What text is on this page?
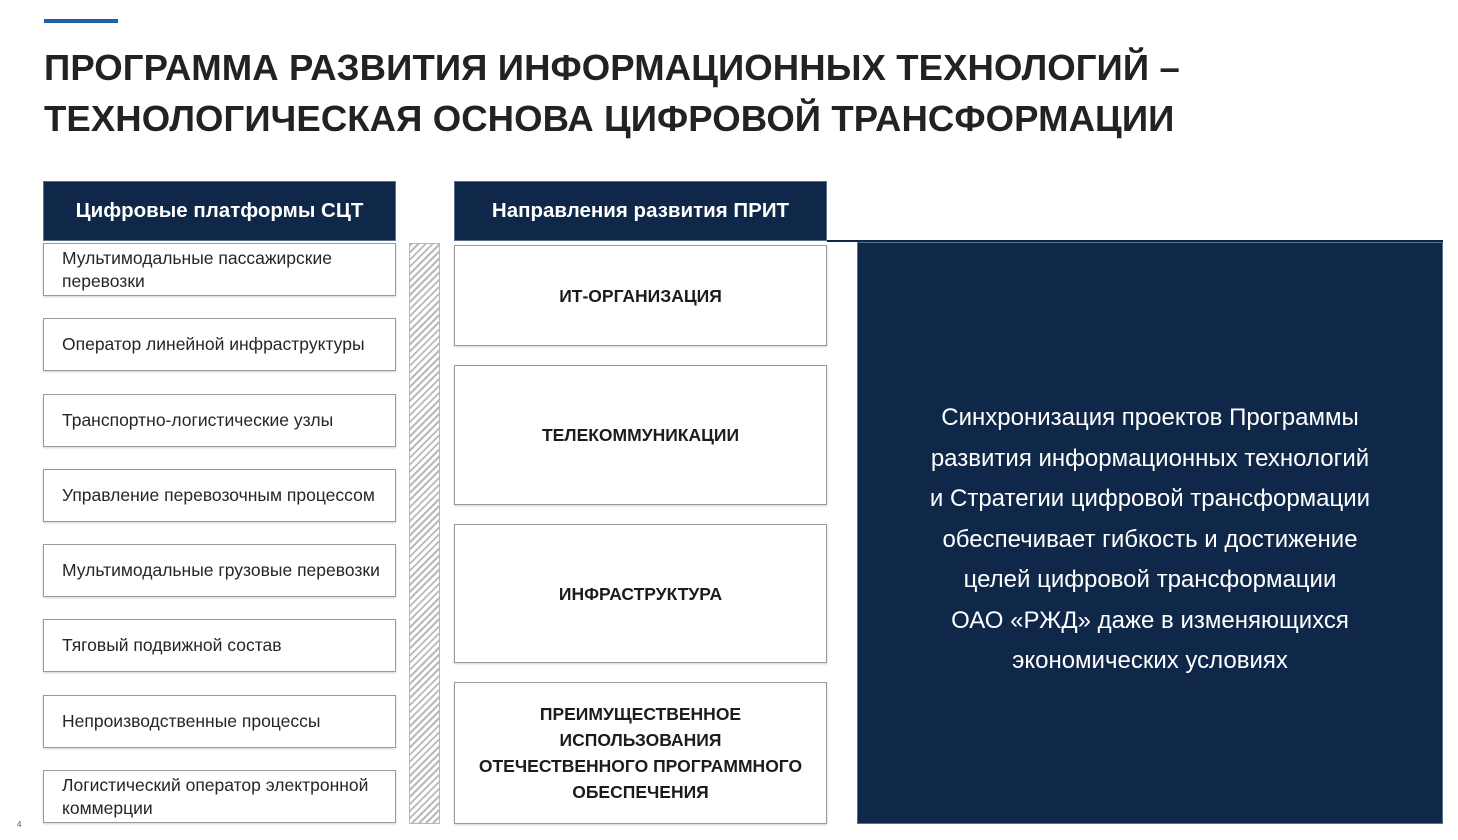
ПРОГРАММА РАЗВИТИЯ ИНФОРМАЦИОННЫХ ТЕХНОЛОГИЙ –
ТЕХНОЛОГИЧЕСКАЯ ОСНОВА ЦИФРОВОЙ ТРАНСФОРМАЦИИ
Цифровые платформы СЦТ	Направления развития ПРИТ
Мультимодальные пассажирские перевозки
Оператор линейной инфраструктуры
Транспортно-логистические узлы
Управление перевозочным процессом
Мультимодальные грузовые перевозки
Тяговый подвижной состав
Непроизводственные процессы
Логистический оператор электронной коммерции
ИТ-ОРГАНИЗАЦИЯ
ТЕЛЕКОММУНИКАЦИИ
ИНФРАСТРУКТУРА
ПРЕИМУЩЕСТВЕННОЕ ИСПОЛЬЗОВАНИЯ ОТЕЧЕСТВЕННОГО ПРОГРАММНОГО ОБЕСПЕЧЕНИЯ
Синхронизация проектов Программы
развития информационных технологий
и Стратегии цифровой трансформации
обеспечивает гибкость и достижение
целей цифровой трансформации
ОАО «РЖД» даже в изменяющихся
экономических условиях
4
